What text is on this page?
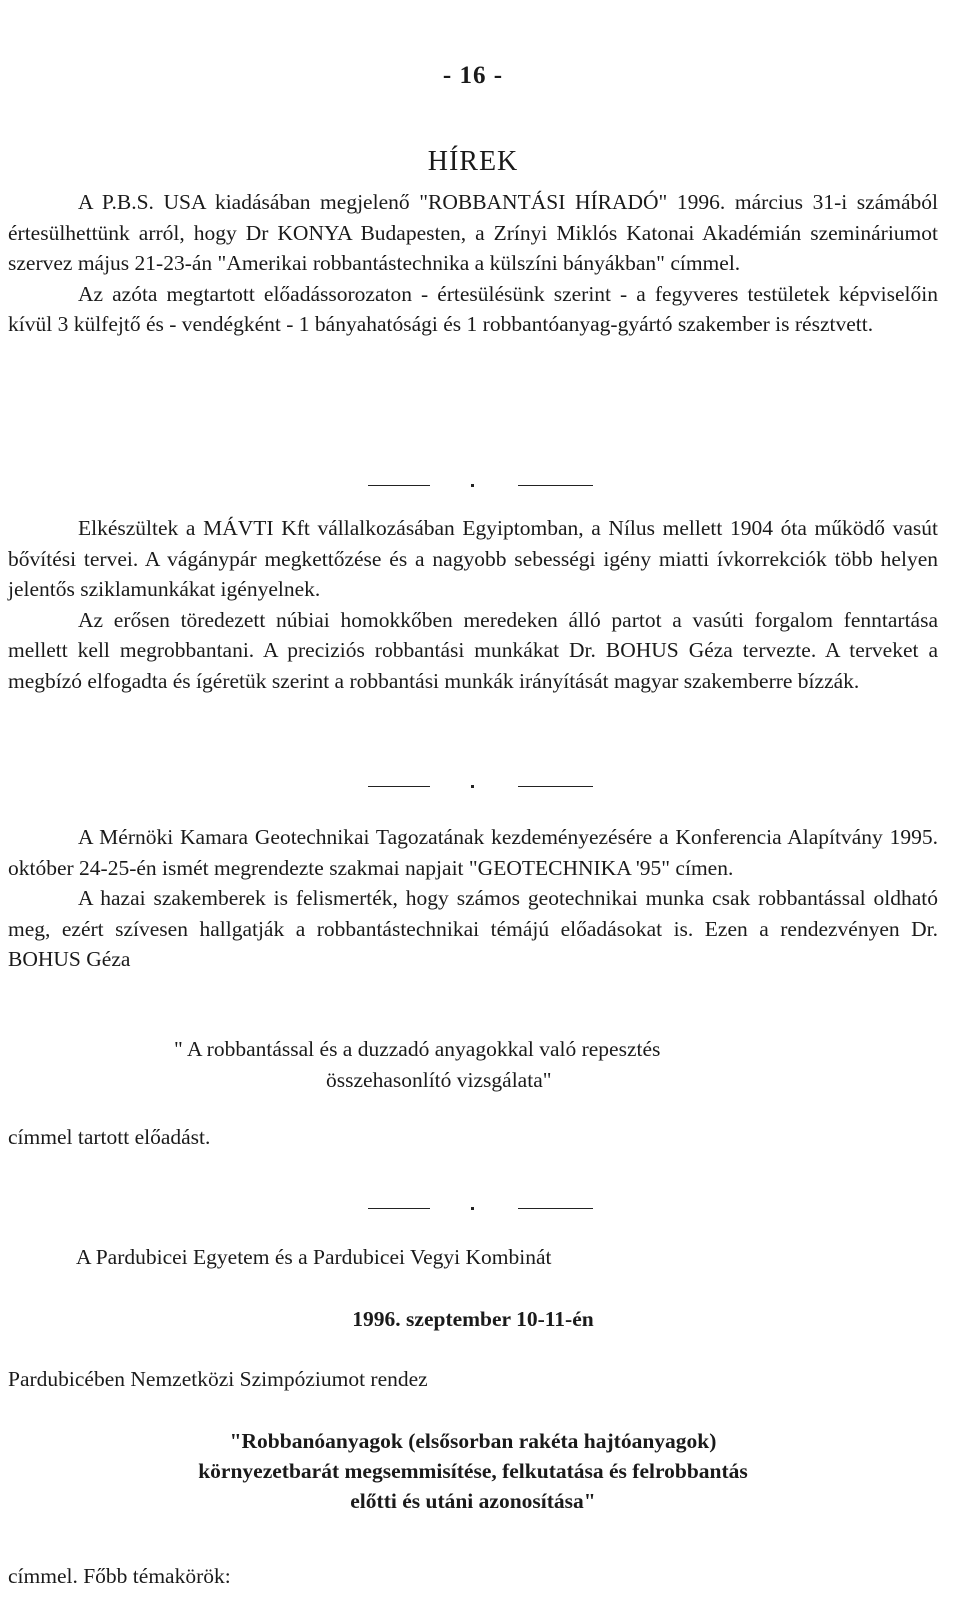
- 16 -
HÍREK

A P.B.S. USA kiadásában megjelenő "ROBBANTÁSI HÍRADÓ" 1996. március 31-i számából értesülhettünk arról, hogy Dr KONYA Budapesten, a Zrínyi Miklós Katonai Akadémián szemináriumot szervez május 21-23-án "Amerikai robbantástechnika a külszíni bányákban" címmel.

Az azóta megtartott előadássorozaton - értesülésünk szerint - a fegyveres testületek képviselőin kívül 3 külfejtő és - vendégként - 1 bányahatósági és 1 robbantóanyag-gyártó szakember is résztvett.

Elkészültek a MÁVTI Kft vállalkozásában Egyiptomban, a Nílus mellett 1904 óta működő vasút bővítési tervei. A vágánypár megkettőzése és a nagyobb sebességi igény miatti ívkorrekciók több helyen jelentős sziklamunkákat igényelnek.

Az erősen töredezett núbiai homokkőben meredeken álló partot a vasúti forgalom fenntartása mellett kell megrobbantani. A preciziós robbantási munkákat Dr. BOHUS Géza tervezte. A terveket a megbízó elfogadta és ígéretük szerint a robbantási munkák irányítását magyar szakemberre bízzák.

A Mérnöki Kamara Geotechnikai Tagozatának kezdeményezésére a Konferencia Alapítvány 1995. október 24-25-én ismét megrendezte szakmai napjait "GEOTECHNIKA '95" címen.

A hazai szakemberek is felismerték, hogy számos geotechnikai munka csak robbantással oldható meg, ezért szívesen hallgatják a robbantástechnikai témájú előadásokat is. Ezen a rendezvényen Dr. BOHUS Géza

" A robbantással és a duzzadó anyagokkal való repesztés
összehasonlító vizsgálata"
címmel tartott előadást.
A Pardubicei Egyetem és a Pardubicei Vegyi Kombinát
1996. szeptember 10-11-én
Pardubicében Nemzetközi Szimpóziumot rendez
"Robbanóanyagok (elsősorban rakéta hajtóanyagok)
környezetbarát megsemmisítése, felkutatása és felrobbantás
előtti és utáni azonosítása"
címmel. Főbb témakörök:
